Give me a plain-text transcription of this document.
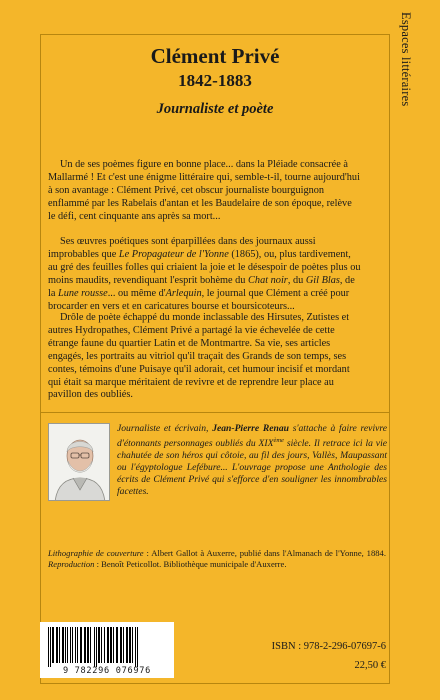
Espaces littéraires
Clément Privé
1842-1883
Journaliste et poète
Un de ses poèmes figure en bonne place... dans la Pléiade consacrée à
Mallarmé ! Et c'est une énigme littéraire qui, semble-t-il, tourne aujourd'hui
à son avantage : Clément Privé, cet obscur journaliste bourguignon
enflammé par les Rabelais d'antan et les Baudelaire de son époque, relève
le défi, cent cinquante ans après sa mort...
Ses œuvres poétiques sont éparpillées dans des journaux aussi
improbables que Le Propagateur de l'Yonne (1865), ou, plus tardivement,
au gré des feuilles folles qui criaient la joie et le désespoir de poètes plus ou
moins maudits, revendiquant l'esprit bohème du Chat noir, du Gil Blas, de
la Lune rousse... ou même d'Arlequin, le journal que Clément a créé pour
brocarder en vers et en caricatures bourse et boursicoteurs...
Drôle de poète échappé du monde inclassable des Hirsutes, Zutistes et
autres Hydropathes, Clément Privé a partagé la vie échevelée de cette
étrange faune du quartier Latin et de Montmartre. Sa vie, ses articles
engagés, les portraits au vitriol qu'il traçait des Grands de son temps, ses
contes, témoins d'une Puisaye qu'il adorait, cet humour incisif et mordant
qui était sa marque méritaient de revivre et de reprendre leur place au
pavillon des oubliés.
Journaliste et écrivain, Jean-Pierre Renau s'attache à faire revivre d'étonnants personnages oubliés du XIXème siècle. Il retrace ici la vie chahutée de son héros qui côtoie, au fil des jours, Vallès, Maupassant ou l'égyptologue Lefébure... L'ouvrage propose une Anthologie des écrits de Clément Privé qui s'efforce d'en souligner les innombrables facettes.
Lithographie de couverture : Albert Gallot à Auxerre, publié dans l'Almanach de l'Yonne, 1884. Reproduction : Benoît Peticollot. Bibliothèque municipale d'Auxerre.
9 782296 076976
ISBN : 978-2-296-07697-6
22,50 €
